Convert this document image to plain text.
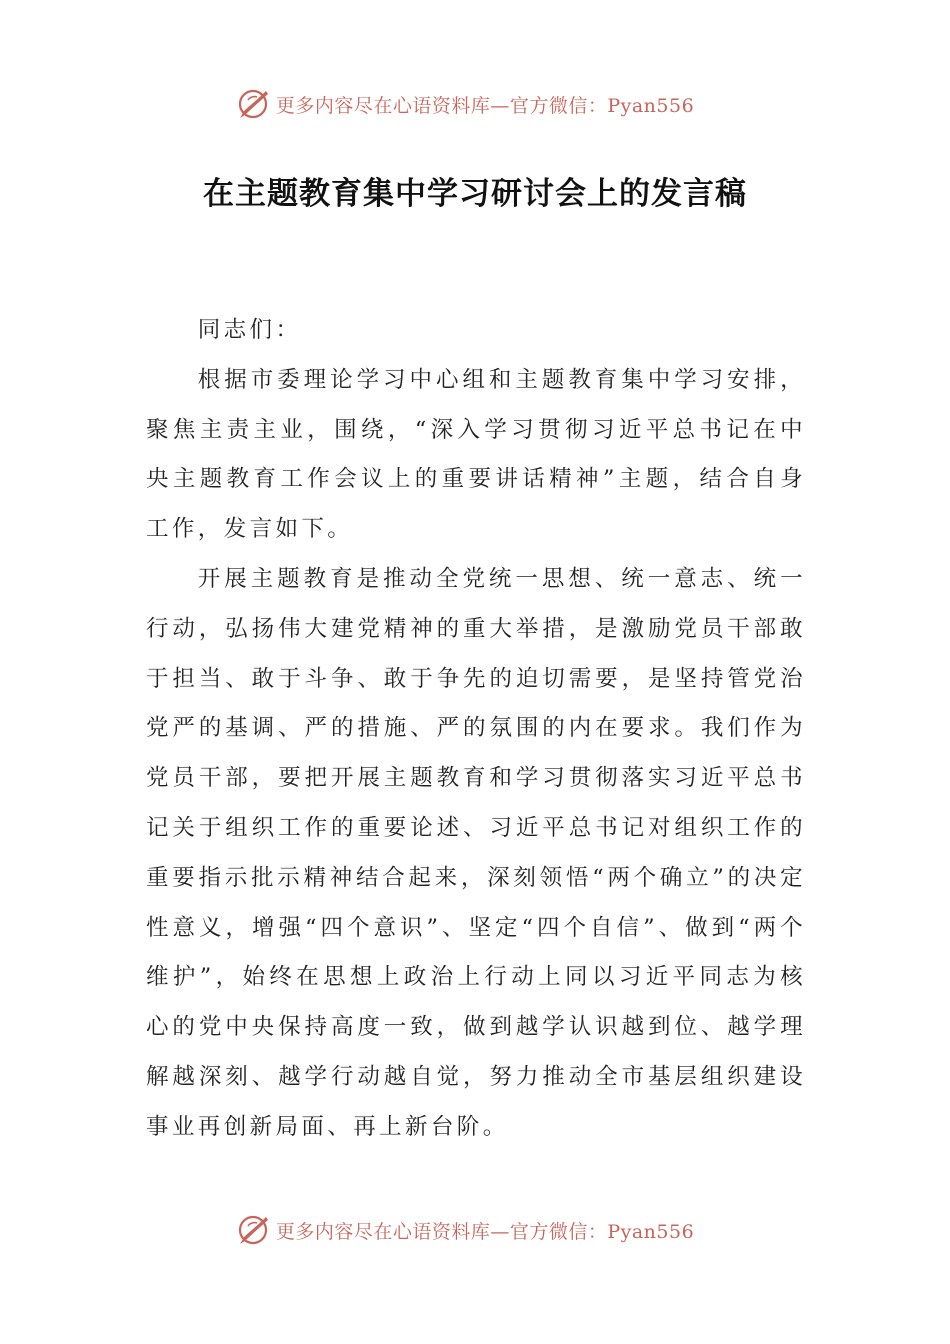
更多内容尽在心语资料库—官方微信：Pyan556
在主题教育集中学习研讨会上的发言稿

同志们：

根据市委理论学习中心组和主题教育集中学习安排，聚焦主责主业，围绕，“深入学习贯彻习近平总书记在中央主题教育工作会议上的重要讲话精神”主题，结合自身工作，发言如下。

开展主题教育是推动全党统一思想、统一意志、统一行动，弘扬伟大建党精神的重大举措，是激励党员干部敢于担当、敢于斗争、敢于争先的迫切需要，是坚持管党治党严的基调、严的措施、严的氛围的内在要求。我们作为党员干部，要把开展主题教育和学习贯彻落实习近平总书记关于组织工作的重要论述、习近平总书记对组织工作的重要指示批示精神结合起来，深刻领悟“两个确立”的决定性意义，增强“四个意识”、坚定“四个自信”、做到“两个维护”，始终在思想上政治上行动上同以习近平同志为核心的党中央保持高度一致，做到越学认识越到位、越学理解越深刻、越学行动越自觉，努力推动全市基层组织建设事业再创新局面、再上新台阶。

更多内容尽在心语资料库—官方微信：Pyan556
